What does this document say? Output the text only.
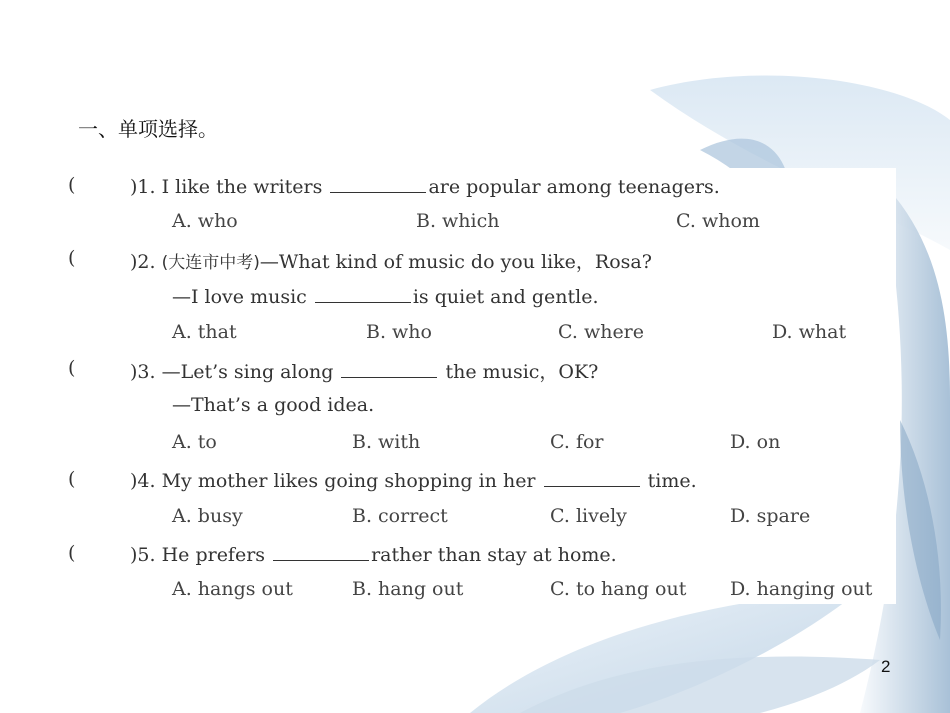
一、单项选择。
(	)1. I like the writers	are popular among teenagers.
A. who	B. which	C. whom
(	)2. (大连市中考)—What kind of music do you like，Rosa?
—I love music	is quiet and gentle.
A. that	B. who	C. where	D. what
(	)3. —Let’s sing along	the music，OK?
—That’s a good idea.
A. to	B. with	C. for	D. on
(	)4. My mother likes going shopping in her	time.
A. busy	B. correct	C. lively	D. spare
(	)5. He prefers	rather than stay at home.
A. hangs out	B. hang out	C. to hang out D. hanging out
2
